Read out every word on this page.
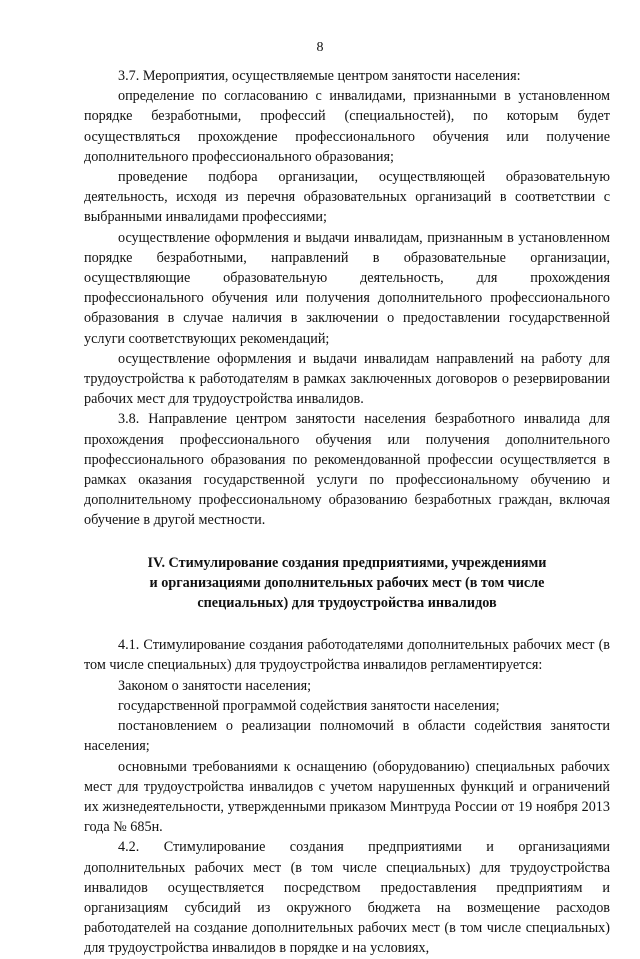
8

3.7. Мероприятия, осуществляемые центром занятости населения:

определение по согласованию с инвалидами, признанными в установленном порядке безработными, профессий (специальностей), по которым будет осуществляться прохождение профессионального обучения или получение дополнительного профессионального образования;

проведение подбора организации, осуществляющей образовательную деятельность, исходя из перечня образовательных организаций в соответствии с выбранными инвалидами профессиями;

осуществление оформления и выдачи инвалидам, признанным в установленном порядке безработными, направлений в образовательные организации, осуществляющие образовательную деятельность, для прохождения профессионального обучения или получения дополнительного профессионального образования в случае наличия в заключении о предоставлении государственной услуги соответствующих рекомендаций;

осуществление оформления и выдачи инвалидам направлений на работу для трудоустройства к работодателям в рамках заключенных договоров о резервировании рабочих мест для трудоустройства инвалидов.

3.8. Направление центром занятости населения безработного инвалида для прохождения профессионального обучения или получения дополнительного профессионального образования по рекомендованной профессии осуществляется в рамках оказания государственной услуги по профессиональному обучению и дополнительному профессиональному образованию безработных граждан, включая обучение в другой местности.

IV. Стимулирование создания предприятиями, учреждениями
и организациями дополнительных рабочих мест (в том числе
специальных) для трудоустройства инвалидов

4.1. Стимулирование создания работодателями дополнительных рабочих мест (в том числе специальных) для трудоустройства инвалидов регламентируется:

Законом о занятости населения;

государственной программой содействия занятости населения;

постановлением о реализации полномочий в области содействия занятости населения;

основными требованиями к оснащению (оборудованию) специальных рабочих мест для трудоустройства инвалидов с учетом нарушенных функций и ограничений их жизнедеятельности, утвержденными приказом Минтруда России от 19 ноября 2013 года № 685н.

4.2. Стимулирование создания предприятиями и организациями дополнительных рабочих мест (в том числе специальных) для трудоустройства инвалидов осуществляется посредством предоставления предприятиям и организациям субсидий из окружного бюджета на возмещение расходов работодателей на создание дополнительных рабочих мест (в том числе специальных) для трудоустройства инвалидов в порядке и на условиях,
